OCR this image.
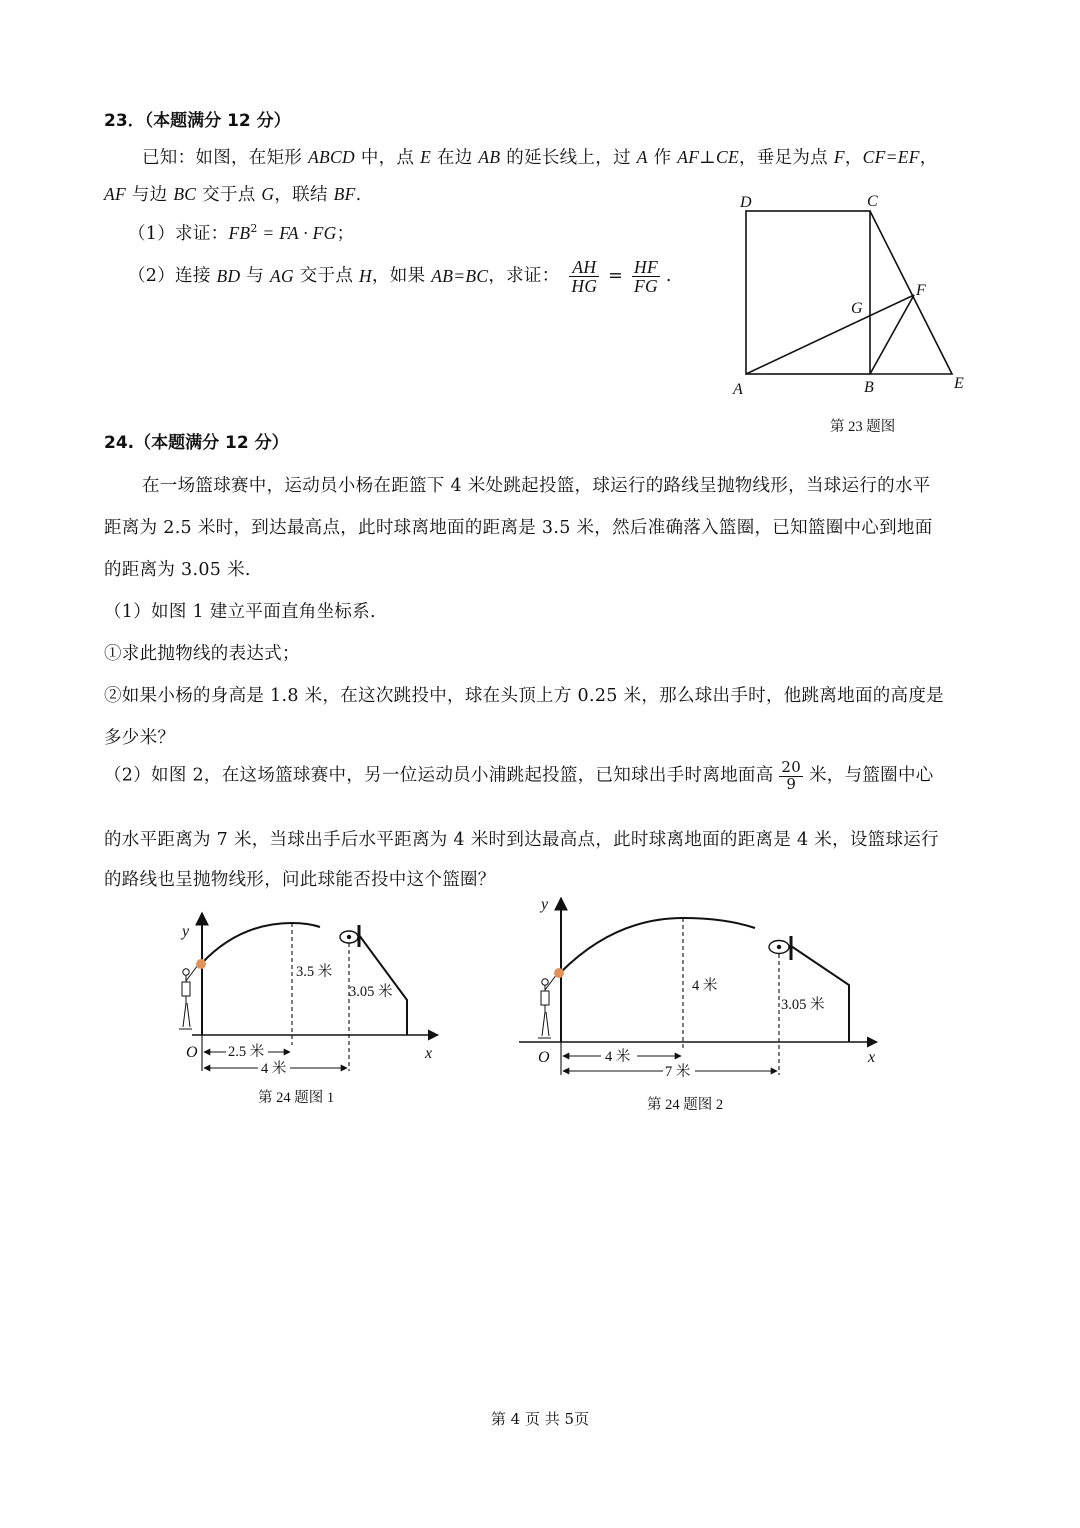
23．（本题满分 12 分）
已知：如图，在矩形 ABCD 中，点 E 在边 AB 的延长线上，过 A 作 AF⊥CE，垂足为点 F，CF=EF，
AF 与边 BC 交于点 G，联结 BF.
（1）求证：$FB^2$ = FA · FG；
（2）连接 BD 与 AG 交于点 H，如果 AB=BC，求证： $\frac{AH}{HG} = \frac{HF}{FG}$ .
D	C
G
F
A	B	E
第 23 题图
24.（本题满分 12 分）
在一场篮球赛中，运动员小杨在距篮下 4 米处跳起投篮，球运行的路线呈抛物线形，当球运行的水平
距离为 2.5 米时，到达最高点，此时球离地面的距离是 3.5 米，然后准确落入篮圈，已知篮圈中心到地面
的距离为 3.05 米.
（1）如图 1 建立平面直角坐标系.
①求此抛物线的表达式；
②如果小杨的身高是 1.8 米，在这次跳投中，球在头顶上方 0.25 米，那么球出手时，他跳离地面的高度是
多少米？
（2）如图 2，在这场篮球赛中，另一位运动员小浦跳起投篮，已知球出手时离地面高 $\frac{20}{9}$ 米，与篮圈中心
的水平距离为 7 米，当球出手后水平距离为 4 米时到达最高点，此时球离地面的距离是 4 米，设篮球运行
的路线也呈抛物线形，问此球能否投中这个篮圈？
y
x
O
3.5 米
3.05 米
2.5 米
4 米
第 24 题图 1
y
x
O
4 米
3.05 米
4 米
7 米
第 24 题图 2
第 4 页 共 5页
